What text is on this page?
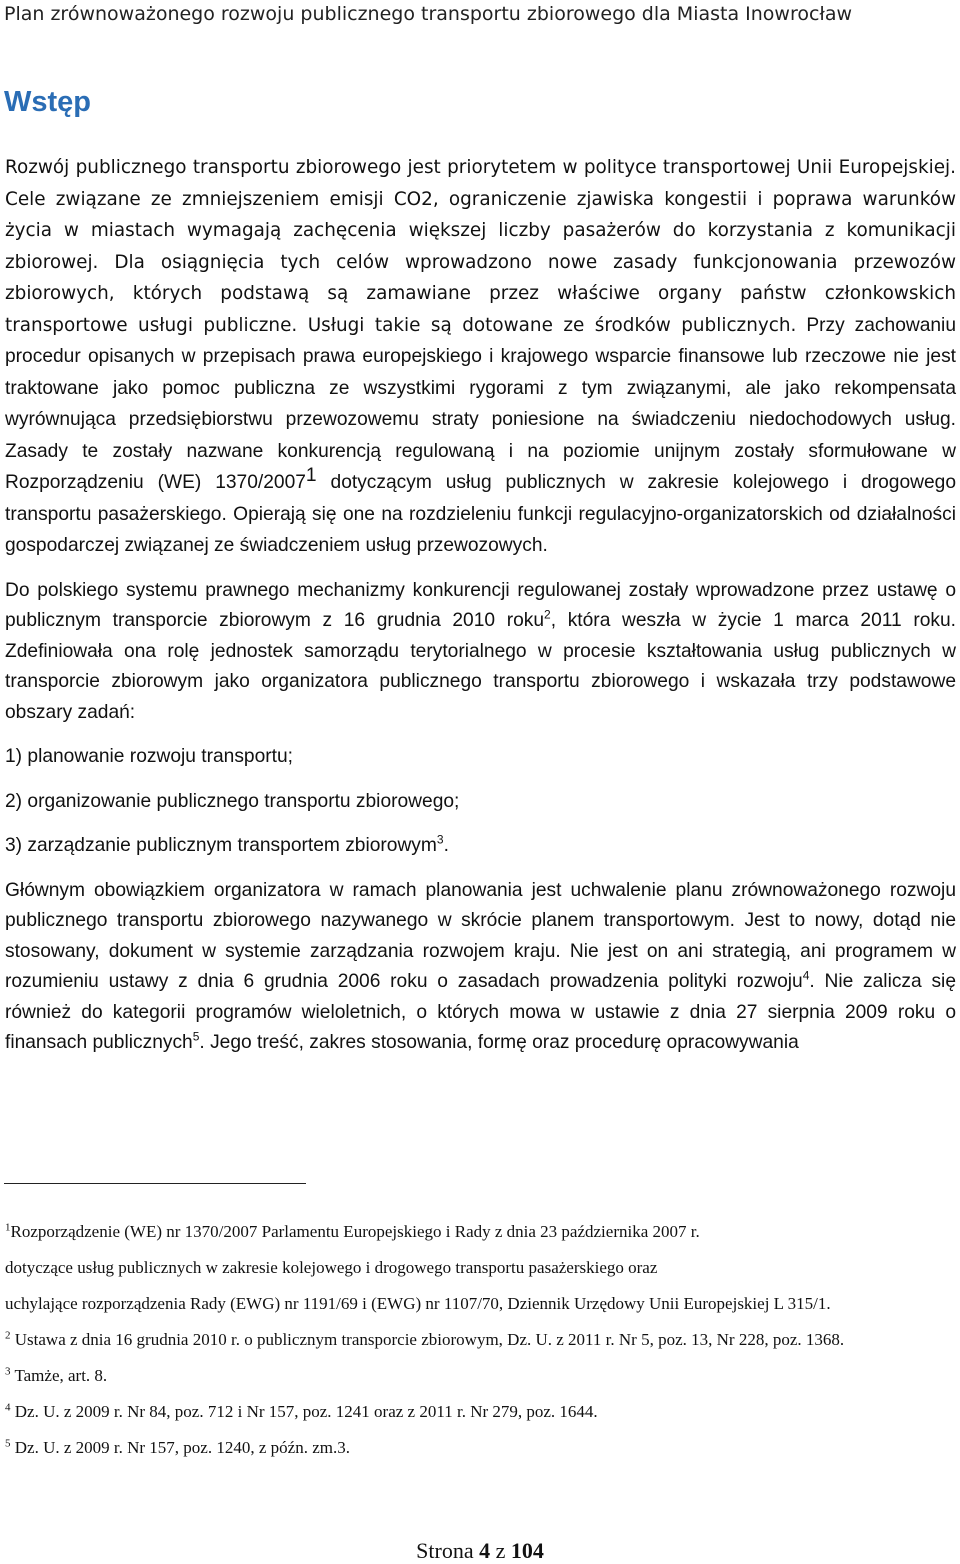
Plan zrównoważonego rozwoju publicznego transportu zbiorowego dla Miasta Inowrocław
Wstęp

Rozwój publicznego transportu zbiorowego jest priorytetem w polityce transportowej Unii Europejskiej. Cele związane ze zmniejszeniem emisji CO2, ograniczenie zjawiska kongestii i poprawa warunków życia w miastach wymagają zachęcenia większej liczby pasażerów do korzystania z komunikacji zbiorowej. Dla osiągnięcia tych celów wprowadzono nowe zasady funkcjonowania przewozów zbiorowych, których podstawą są zamawiane przez właściwe organy państw członkowskich transportowe usługi publiczne. Usługi takie są dotowane ze środków publicznych. Przy zachowaniu procedur opisanych w przepisach prawa europejskiego i krajowego wsparcie finansowe lub rzeczowe nie jest traktowane jako pomoc publiczna ze wszystkimi rygorami z tym związanymi, ale jako rekompensata wyrównująca przedsiębiorstwu przewozowemu straty poniesione na świadczeniu niedochodowych usług. Zasady te zostały nazwane konkurencją regulowaną i na poziomie unijnym zostały sformułowane w Rozporządzeniu (WE) 1370/2007$^1$ dotyczącym usług publicznych w zakresie kolejowego i drogowego transportu pasażerskiego. Opierają się one na rozdzieleniu funkcji regulacyjno-organizatorskich od działalności gospodarczej związanej ze świadczeniem usług przewozowych.

Do polskiego systemu prawnego mechanizmy konkurencji regulowanej zostały wprowadzone przez ustawę o publicznym transporcie zbiorowym z 16 grudnia 2010 roku$^2$, która weszła w życie 1 marca 2011 roku. Zdefiniowała ona rolę jednostek samorządu terytorialnego w procesie kształtowania usług publicznych w transporcie zbiorowym jako organizatora publicznego transportu zbiorowego i wskazała trzy podstawowe obszary zadań:

1) planowanie rozwoju transportu;

2) organizowanie publicznego transportu zbiorowego;

3) zarządzanie publicznym transportem zbiorowym$^3$.

Głównym obowiązkiem organizatora w ramach planowania jest uchwalenie planu zrównoważonego rozwoju publicznego transportu zbiorowego nazywanego w skrócie planem transportowym. Jest to nowy, dotąd nie stosowany, dokument w systemie zarządzania rozwojem kraju. Nie jest on ani strategią, ani programem w rozumieniu ustawy z dnia 6 grudnia 2006 roku o zasadach prowadzenia polityki rozwoju$^4$. Nie zalicza się również do kategorii programów wieloletnich, o których mowa w ustawie z dnia 27 sierpnia 2009 roku o finansach publicznych$^5$. Jego treść, zakres stosowania, formę oraz procedurę opracowywania

$^1$Rozporządzenie (WE) nr 1370/2007 Parlamentu Europejskiego i Rady z dnia 23 października 2007 r.

dotyczące usług publicznych w zakresie kolejowego i drogowego transportu pasażerskiego oraz

uchylające rozporządzenia Rady (EWG) nr 1191/69 i (EWG) nr 1107/70, Dziennik Urzędowy Unii Europejskiej L 315/1.

$^2$ Ustawa z dnia 16 grudnia 2010 r. o publicznym transporcie zbiorowym, Dz. U. z 2011 r. Nr 5, poz. 13, Nr 228, poz. 1368.

$^3$ Tamże, art. 8.

$^4$ Dz. U. z 2009 r. Nr 84, poz. 712 i Nr 157, poz. 1241 oraz z 2011 r. Nr 279, poz. 1644.

$^5$ Dz. U. z 2009 r. Nr 157, poz. 1240, z późn. zm.3.

Strona 4 z 104
